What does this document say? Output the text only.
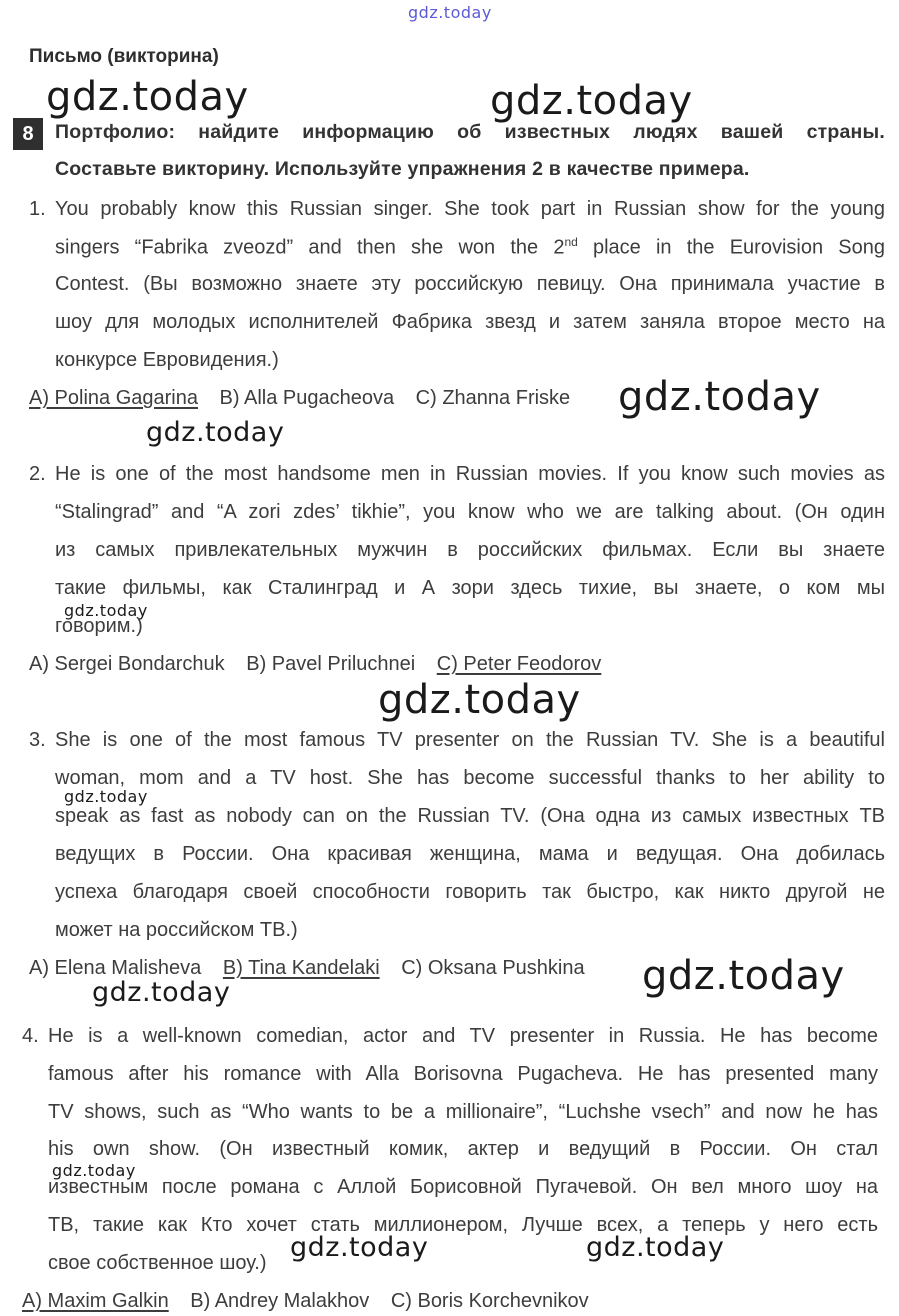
gdz.today
Письмо (викторина)
8	Портфолио: найдите информацию об известных людях вашей страны.
Составьте викторину. Используйте упражнения 2 в качестве примера.
1. You probably know this Russian singer. She took part in Russian show for the young
singers “Fabrika zveozd” and then she won the 2nd place in the Eurovision Song
Contest. (Вы возможно знаете эту российскую певицу. Она принимала участие в
шоу для молодых исполнителей Фабрика звезд и затем заняла второе место на
конкурсе Евровидения.)
A) Polina Gagarina B) Alla Pugacheova C) Zhanna Friske
2. He is one of the most handsome men in Russian movies. If you know such movies as
“Stalingrad” and “A zori zdes’ tikhie”, you know who we are talking about. (Он один
из самых привлекательных мужчин в российских фильмах. Если вы знаете
такие фильмы, как Сталинград и А зори здесь тихие, вы знаете, о ком мы
говорим.)
A) Sergei Bondarchuk B) Pavel Priluchnei C) Peter Feodorov
3. She is one of the most famous TV presenter on the Russian TV. She is a beautiful
woman, mom and a TV host. She has become successful thanks to her ability to
speak as fast as nobody can on the Russian TV. (Она одна из самых известных ТВ
ведущих в России. Она красивая женщина, мама и ведущая. Она добилась
успеха благодаря своей способности говорить так быстро, как никто другой не
может на российском ТВ.)
A) Elena Malisheva B) Tina Kandelaki C) Oksana Pushkina
4. He is a well-known comedian, actor and TV presenter in Russia. He has become
famous after his romance with Alla Borisovna Pugacheva. He has presented many
TV shows, such as “Who wants to be a millionaire”, “Luchshe vsech” and now he has
his own show. (Он известный комик, актер и ведущий в России. Он стал
известным после романа с Аллой Борисовной Пугачевой. Он вел много шоу на
ТВ, такие как Кто хочет стать миллионером, Лучше всех, а теперь у него есть
свое собственное шоу.)
A) Maxim Galkin B) Andrey Malakhov C) Boris Korchevnikov
gdz.today	gdz.today
gdz.today
gdz.today
gdz.today
gdz.today
gdz.today
gdz.today
gdz.today
gdz.today
gdz.today	gdz.today
